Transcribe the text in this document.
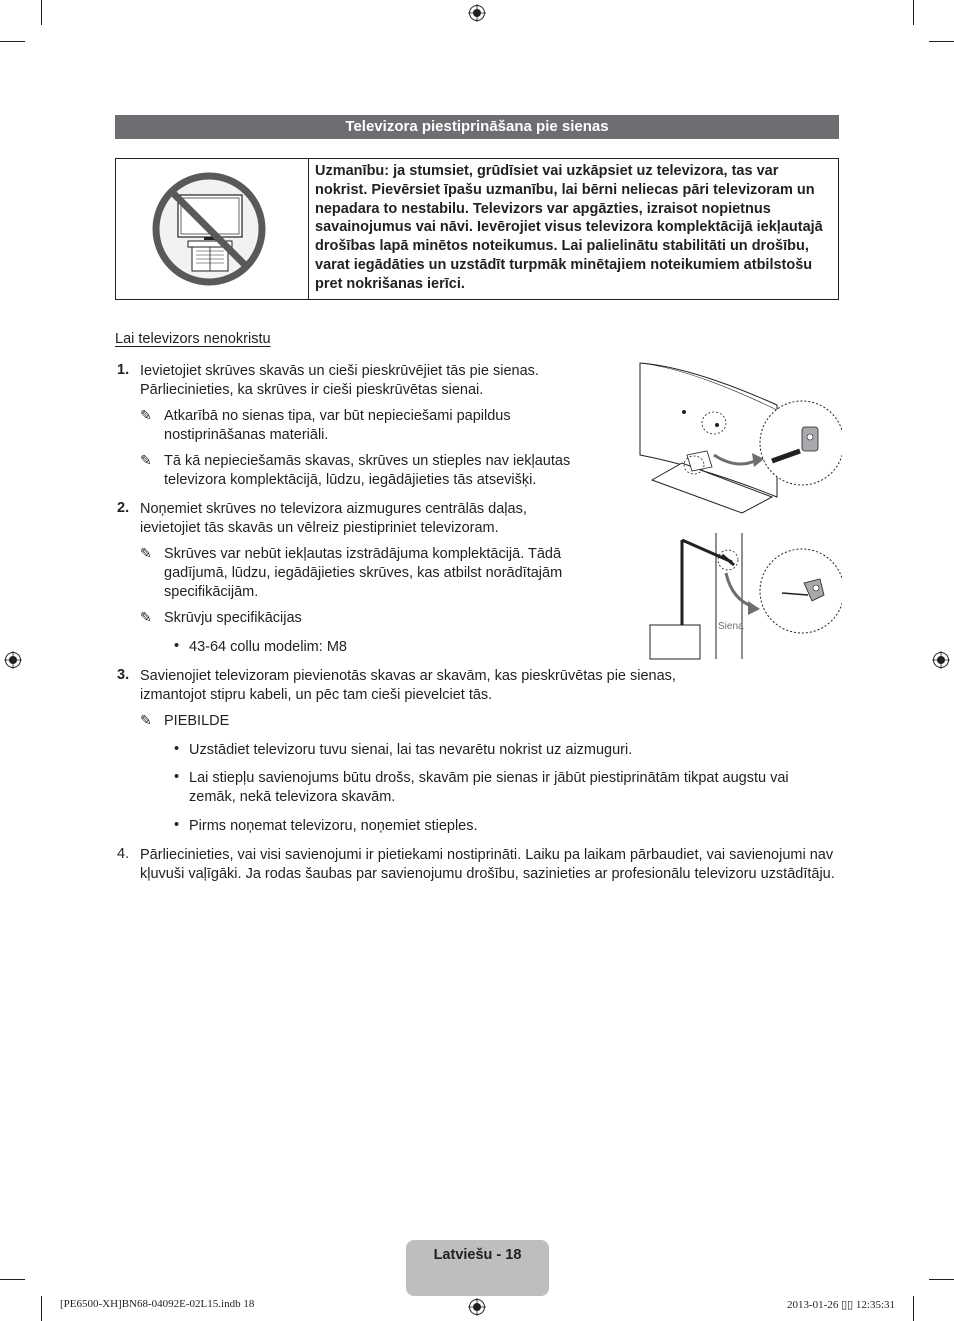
Televizora piestiprināšana pie sienas
Uzmanību: ja stumsiet, grūdīsiet vai uzkāpsiet uz televizora, tas var nokrist. Pievērsiet īpašu uzmanību, lai bērni neliecas pāri televizoram un nepadara to nestabilu. Televizors var apgāzties, izraisot nopietnus savainojumus vai nāvi. Ievērojiet visus televizora komplektācijā iekļautajā drošības lapā minētos noteikumus. Lai palielinātu stabilitāti un drošību, varat iegādāties un uzstādīt turpmāk minētajiem noteikumiem atbilstošu pret nokrišanas ierīci.
Lai televizors nenokristu
1. Ievietojiet skrūves skavās un cieši pieskrūvējiet tās pie sienas. Pārliecinieties, ka skrūves ir cieši pieskrūvētas sienai.
✎ Atkarībā no sienas tipa, var būt nepieciešami papildus nostiprināšanas materiāli.
✎ Tā kā nepieciešamās skavas, skrūves un stieples nav iekļautas televizora komplektācijā, lūdzu, iegādājieties tās atsevišķi.
2. Noņemiet skrūves no televizora aizmugures centrālās daļas, ievietojiet tās skavās un vēlreiz piestipriniet televizoram.
✎ Skrūves var nebūt iekļautas izstrādājuma komplektācijā. Tādā gadījumā, lūdzu, iegādājieties skrūves, kas atbilst norādītajām specifikācijām.
✎ Skrūvju specifikācijas
• 43-64 collu modelim: M8
3. Savienojiet televizoram pievienotās skavas ar skavām, kas pieskrūvētas pie sienas, izmantojot stipru kabeli, un pēc tam cieši pievelciet tās.
✎ PIEBILDE
• Uzstādiet televizoru tuvu sienai, lai tas nevarētu nokrist uz aizmuguri.
• Lai stiepļu savienojums būtu drošs, skavām pie sienas ir jābūt piestiprinātām tikpat augstu vai zemāk, nekā televizora skavām.
• Pirms noņemat televizoru, noņemiet stieples.
4. Pārliecinieties, vai visi savienojumi ir pietiekami nostiprināti. Laiku pa laikam pārbaudiet, vai savienojumi nav kļuvuši vaļīgāki. Ja rodas šaubas par savienojumu drošību, sazinieties ar profesionālu televizoru uzstādītāju.
Siena
Latviešu - 18
[PE6500-XH]BN68-04092E-02L15.indb 18	2013-01-26 ▯▯ 12:35:31
